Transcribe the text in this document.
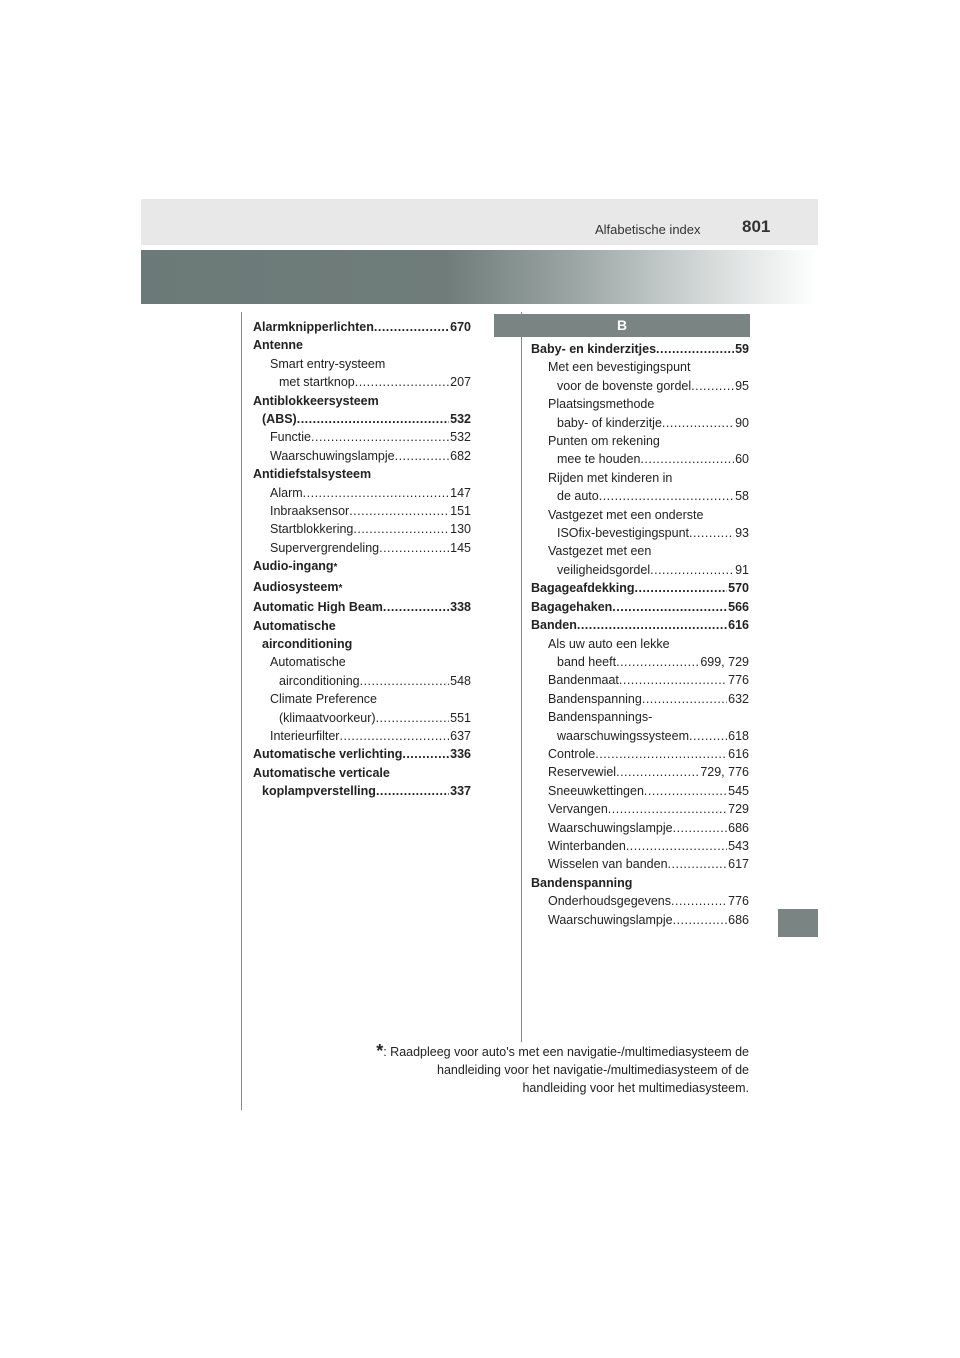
Alfabetische index 801
B
Alarmknipperlichten .....	670
Antenne
Smart entry-systeem
met startknop .....	207
Antiblokkeersysteem
(ABS) .....	532
Functie .....	532
Waarschuwingslampje .....	682
Antidiefstalsysteem
Alarm .....	147
Inbraaksensor .....	151
Startblokkering .....	130
Supervergrendeling .....	145
Audio-ingang *
Audiosysteem *
Automatic High Beam .....	338
Automatische
airconditioning
Automatische
airconditioning .....	548
Climate Preference
(klimaatvoorkeur) .....	551
Interieurfilter .....	637
Automatische verlichting .....	336
Automatische verticale
koplampverstelling .....	337
Baby- en kinderzitjes .....	59
Met een bevestigingspunt
voor de bovenste gordel .....	95
Plaatsingsmethode
baby- of kinderzitje .....	90
Punten om rekening
mee te houden .....	60
Rijden met kinderen in
de auto .....	58
Vastgezet met een onderste
ISOfix-bevestigingspunt .....	93
Vastgezet met een
veiligheidsgordel .....	91
Bagageafdekking .....	570
Bagagehaken .....	566
Banden .....	616
Als uw auto een lekke
band heeft .....	699, 729
Bandenmaat .....	776
Bandenspanning .....	632
Bandenspannings-
waarschuwingssysteem .....	618
Controle .....	616
Reservewiel .....	729, 776
Sneeuwkettingen .....	545
Vervangen .....	729
Waarschuwingslampje .....	686
Winterbanden .....	543
Wisselen van banden .....	617
Bandenspanning
Onderhoudsgegevens .....	776
Waarschuwingslampje .....	686
*: Raadpleeg voor auto's met een navigatie-/multimediasysteem de
handleiding voor het navigatie-/multimediasysteem of de
handleiding voor het multimediasysteem.
